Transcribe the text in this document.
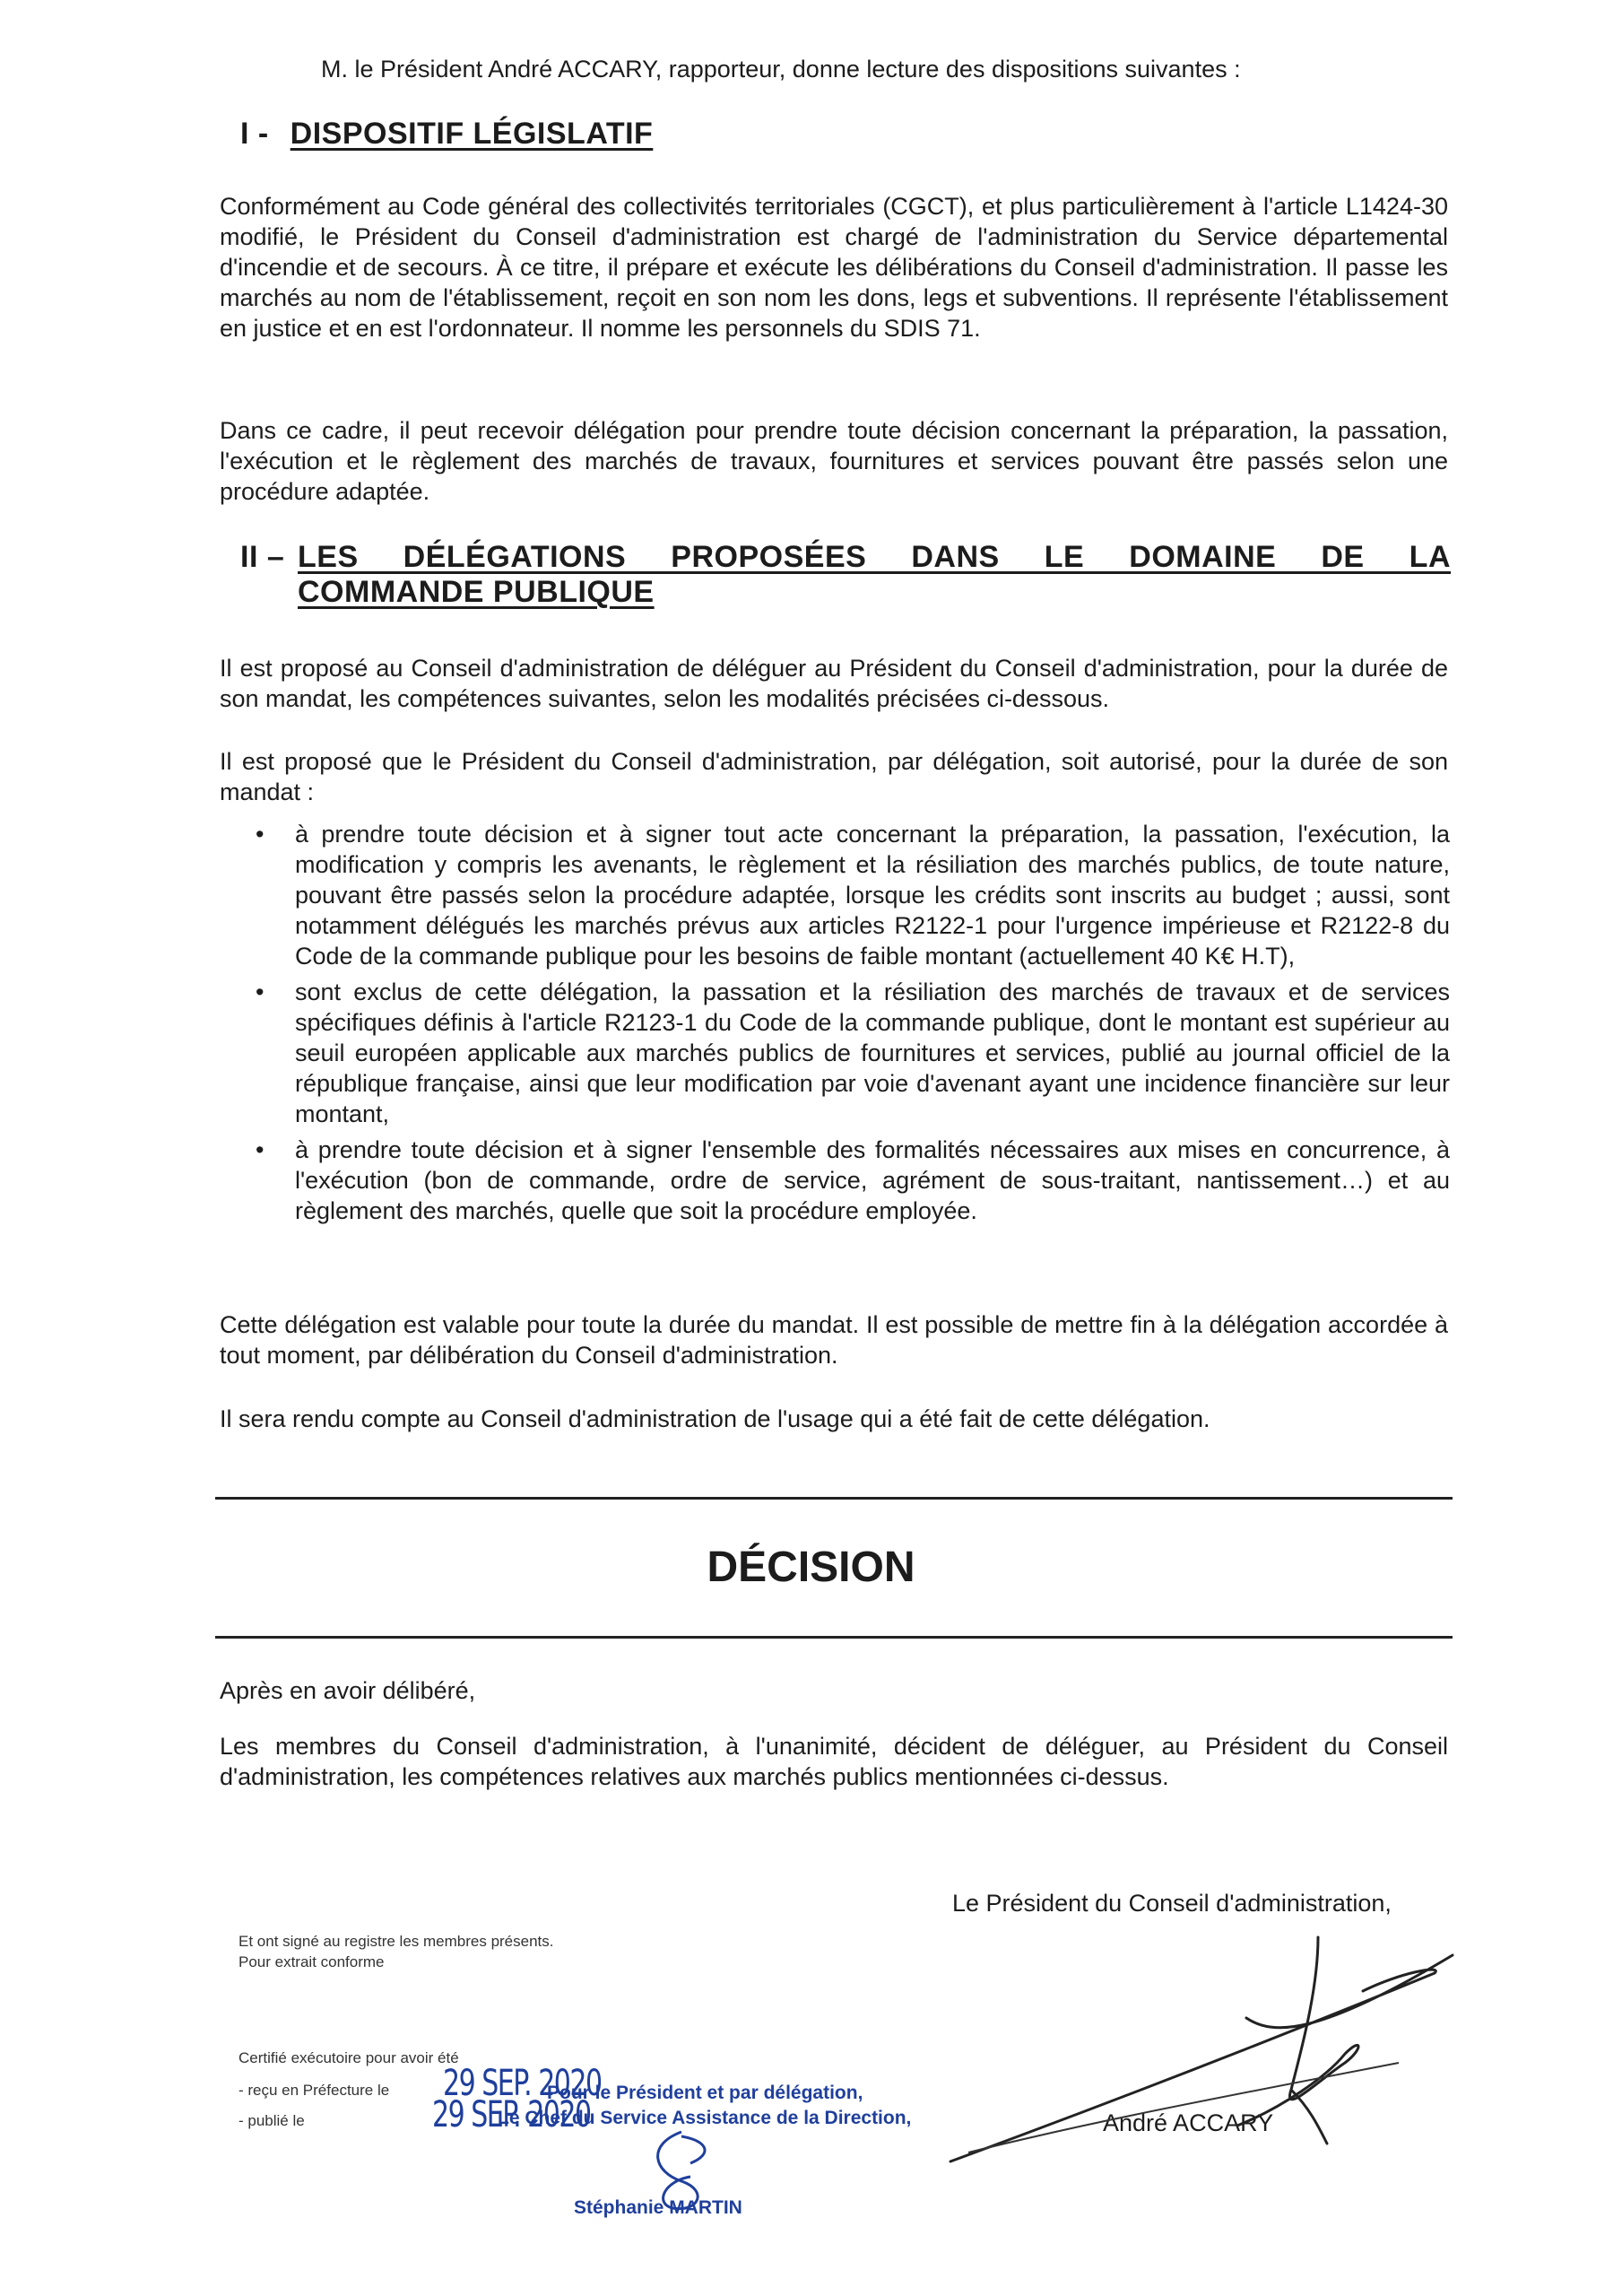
M. le Président André ACCARY, rapporteur, donne lecture des dispositions suivantes :

I - DISPOSITIF LÉGISLATIF

Conformément au Code général des collectivités territoriales (CGCT), et plus particulièrement à l'article L1424-30 modifié, le Président du Conseil d'administration est chargé de l'administration du Service départemental d'incendie et de secours. À ce titre, il prépare et exécute les délibérations du Conseil d'administration. Il passe les marchés au nom de l'établissement, reçoit en son nom les dons, legs et subventions. Il représente l'établissement en justice et en est l'ordonnateur. Il nomme les personnels du SDIS 71.

Dans ce cadre, il peut recevoir délégation pour prendre toute décision concernant la préparation, la passation, l'exécution et le règlement des marchés de travaux, fournitures et services pouvant être passés selon une procédure adaptée.

II – LES DÉLÉGATIONS PROPOSÉES DANS LE DOMAINE DE LA
COMMANDE PUBLIQUE

Il est proposé au Conseil d'administration de déléguer au Président du Conseil d'administration, pour la durée de son mandat, les compétences suivantes, selon les modalités précisées ci-dessous.

Il est proposé que le Président du Conseil d'administration, par délégation, soit autorisé, pour la durée de son mandat :

• à prendre toute décision et à signer tout acte concernant la préparation, la passation, l'exécution, la modification y compris les avenants, le règlement et la résiliation des marchés publics, de toute nature, pouvant être passés selon la procédure adaptée, lorsque les crédits sont inscrits au budget ; aussi, sont notamment délégués les marchés prévus aux articles R2122-1 pour l'urgence impérieuse et R2122-8 du Code de la commande publique pour les besoins de faible montant (actuellement 40 K€ H.T),
• sont exclus de cette délégation, la passation et la résiliation des marchés de travaux et de services spécifiques définis à l'article R2123-1 du Code de la commande publique, dont le montant est supérieur au seuil européen applicable aux marchés publics de fournitures et services, publié au journal officiel de la république française, ainsi que leur modification par voie d'avenant ayant une incidence financière sur leur montant,
• à prendre toute décision et à signer l'ensemble des formalités nécessaires aux mises en concurrence, à l'exécution (bon de commande, ordre de service, agrément de sous-traitant, nantissement…) et au règlement des marchés, quelle que soit la procédure employée.

Cette délégation est valable pour toute la durée du mandat. Il est possible de mettre fin à la délégation accordée à tout moment, par délibération du Conseil d'administration.

Il sera rendu compte au Conseil d'administration de l'usage qui a été fait de cette délégation.

DÉCISION

Après en avoir délibéré,

Les membres du Conseil d'administration, à l'unanimité, décident de déléguer, au Président du Conseil d'administration, les compétences relatives aux marchés publics mentionnées ci-dessus.

Le Président du Conseil d'administration,

André ACCARY

Et ont signé au registre les membres présents.

Pour extrait conforme

Certifié exécutoire pour avoir été

- reçu en Préfecture le

- publié le

29 SEP. 2020
29 SEP. 2020
Pour le Président et par délégation,
Le Chef du Service Assistance de la Direction,
Stéphanie MARTIN
